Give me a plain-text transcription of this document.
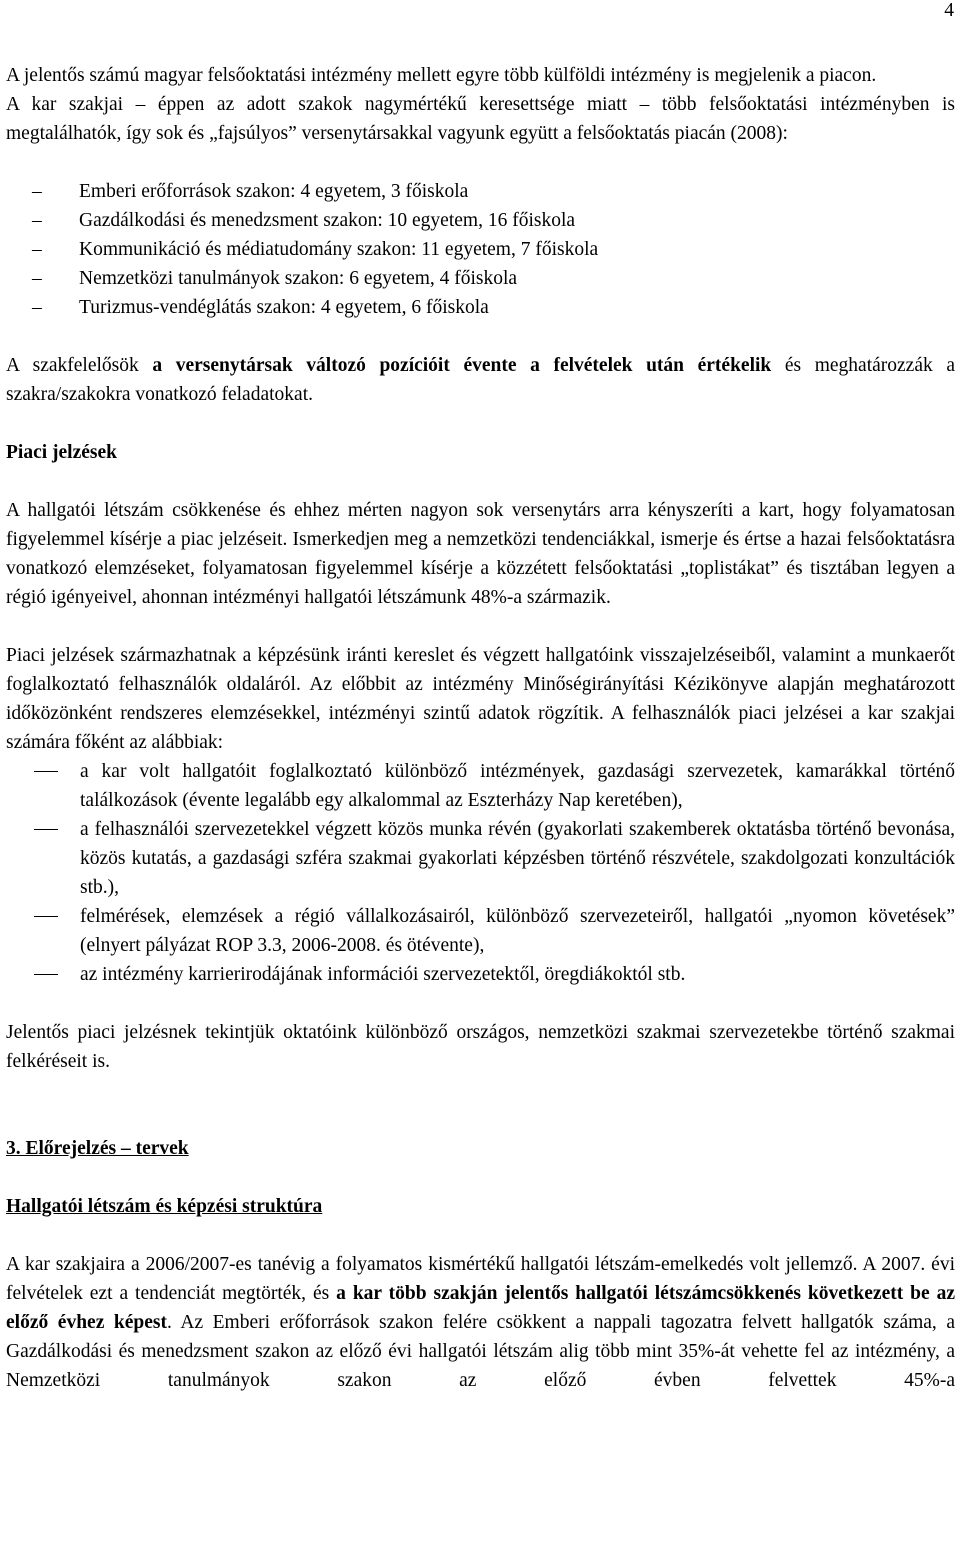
4

A jelentős számú magyar felsőoktatási intézmény mellett egyre több külföldi intézmény is megjelenik a piacon.

A kar szakjai – éppen az adott szakok nagymértékű keresettsége miatt – több felsőoktatási intézményben is megtalálhatók, így sok és „fajsúlyos” versenytársakkal vagyunk együtt a felsőoktatás piacán (2008):

– Emberi erőforrások szakon: 4 egyetem, 3 főiskola
– Gazdálkodási és menedzsment szakon: 10 egyetem, 16 főiskola
– Kommunikáció és médiatudomány szakon: 11 egyetem, 7 főiskola
– Nemzetközi tanulmányok szakon: 6 egyetem, 4 főiskola
– Turizmus-vendéglátás szakon: 4 egyetem, 6 főiskola

A szakfelelősök a versenytársak változó pozícióit évente a felvételek után értékelik és meghatározzák a szakra/szakokra vonatkozó feladatokat.

Piaci jelzések

A hallgatói létszám csökkenése és ehhez mérten nagyon sok versenytárs arra kényszeríti a kart, hogy folyamatosan figyelemmel kísérje a piac jelzéseit. Ismerkedjen meg a nemzetközi tendenciákkal, ismerje és értse a hazai felsőoktatásra vonatkozó elemzéseket, folyamatosan figyelemmel kísérje a közzétett felsőoktatási „toplistákat” és tisztában legyen a régió igényeivel, ahonnan intézményi hallgatói létszámunk 48%-a származik.

Piaci jelzések származhatnak a képzésünk iránti kereslet és végzett hallgatóink visszajelzéseiből, valamint a munkaerőt foglalkoztató felhasználók oldaláról. Az előbbit az intézmény Minőségirányítási Kézikönyve alapján meghatározott időközönként rendszeres elemzésekkel, intézményi szintű adatok rögzítik. A felhasználók piaci jelzései a kar szakjai számára főként az alábbiak:

– a kar volt hallgatóit foglalkoztató különböző intézmények, gazdasági szervezetek, kamarákkal történő találkozások (évente legalább egy alkalommal az Eszterházy Nap keretében),
– a felhasználói szervezetekkel végzett közös munka révén (gyakorlati szakemberek oktatásba történő bevonása, közös kutatás, a gazdasági szféra szakmai gyakorlati képzésben történő részvétele, szakdolgozati konzultációk stb.),
– felmérések, elemzések a régió vállalkozásairól, különböző szervezeteiről, hallgatói „nyomon követések” (elnyert pályázat ROP 3.3, 2006-2008. és ötévente),
– az intézmény karrierirodájának információi szervezetektől, öregdiákoktól stb.

Jelentős piaci jelzésnek tekintjük oktatóink különböző országos, nemzetközi szakmai szervezetekbe történő szakmai felkéréseit is.

3. Előrejelzés – tervek

Hallgatói létszám és képzési struktúra

A kar szakjaira a 2006/2007-es tanévig a folyamatos kismértékű hallgatói létszám-emelkedés volt jellemző. A 2007. évi felvételek ezt a tendenciát megtörték, és a kar több szakján jelentős hallgatói létszámcsökkenés következett be az előző évhez képest. Az Emberi erőforrások szakon felére csökkent a nappali tagozatra felvett hallgatók száma, a Gazdálkodási és menedzsment szakon az előző évi hallgatói létszám alig több mint 35%-át vehette fel az intézmény, a Nemzetközi tanulmányok szakon az előző évben felvettek 45%-a
